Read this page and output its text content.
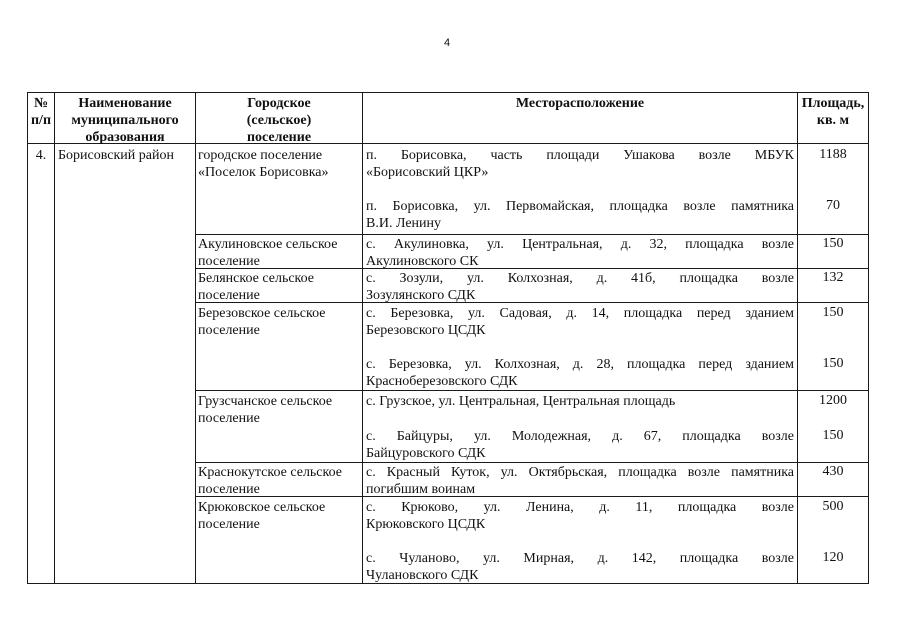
4
№
п/п
Наименование
муниципального
образования
Городское
(сельское)
поселение
Месторасположение	Площадь,
кв. м
4. Борисовский район городское поселение
«Поселок Борисовка»
Акулиновское сельское
поселение
Белянское сельское
поселение
Березовское сельское
поселение
Грузсчанское сельское
поселение
Краснокутское сельское
поселение
Крюковское сельское
поселение
п. Борисовка, часть площади Ушакова возле МБУК
«Борисовский ЦКР»
п. Борисовка, ул. Первомайская, площадка возле памятника
В.И. Ленину
с. Акулиновка, ул. Центральная, д. 32, площадка возле
Акулиновского СК
с. Зозули, ул. Колхозная, д. 41б, площадка возле
Зозулянского СДК
с. Березовка, ул. Садовая, д. 14, площадка перед зданием
Березовского ЦСДК
с. Березовка, ул. Колхозная, д. 28, площадка перед зданием
Красноберезовского СДК
с. Грузское, ул. Центральная, Центральная площадь
с. Байцуры, ул. Молодежная, д. 67, площадка возле
Байцуровского СДК
с. Красный Куток, ул. Октябрьская, площадка возле памятника
погибшим воинам
с. Крюково, ул. Ленина, д. 11, площадка возле
Крюковского ЦСДК
с. Чуланово, ул. Мирная, д. 142, площадка возле
Чулановского СДК
1188
70
150
132
150
150
1200
150
430
500
120
